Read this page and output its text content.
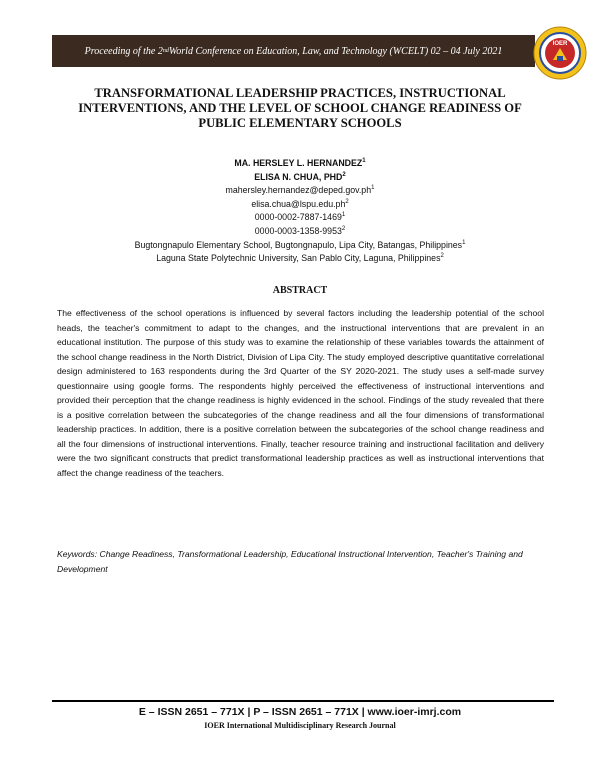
Proceeding of the 2 nd World Conference on Education, Law, and Technology (WCELT) 02 – 04 July 2021
IOER
TRANSFORMATIONAL LEADERSHIP PRACTICES, INSTRUCTIONAL
INTERVENTIONS, AND THE LEVEL OF SCHOOL CHANGE READINESS OF
PUBLIC ELEMENTARY SCHOOLS
MA. HERSLEY L. HERNANDEZ$^1$
ELISA N. CHUA, PHD$^2$
$mahersley.hernandez@deped.gov.ph^1$
$elisa.chua@lspu.edu.ph^2$
0000-0002-7887-1469$^1$
0000-0003-1358-9953$^2$
Bugtongnapulo Elementary School, Bugtongnapulo, Lipa City, Batangas, Philippines$^1$
Laguna State Polytechnic University, San Pablo City, Laguna, Philippines$^2$
ABSTRACT

The effectiveness of the school operations is influenced by several factors including the leadership potential of the school heads, the teacher's commitment to adapt to the changes, and the instructional interventions that are prevalent in an educational institution. The purpose of this study was to examine the relationship of these variables towards the attainment of the school change readiness in the North District, Division of Lipa City. The study employed descriptive quantitative correlational design administered to 163 respondents during the 3rd Quarter of the SY 2020-2021. The study uses a self-made survey questionnaire using google forms. The respondents highly perceived the effectiveness of instructional interventions and provided their perception that the change readiness is highly evidenced in the school. Findings of the study revealed that there is a positive correlation between the subcategories of the change readiness and all the four dimensions of transformational leadership practices. In addition, there is a positive correlation between the subcategories of the school change readiness and all the four dimensions of instructional interventions. Finally, teacher resource training and instructional facilitation and delivery were the two significant constructs that predict transformational leadership practices as well as instructional interventions that affect the change readiness of the teachers.

Keywords: Change Readiness, Transformational Leadership, Educational Instructional Intervention, Teacher's Training and Development

E – ISSN 2651 – 771X | P – ISSN 2651 – 771X | www.ioer-imrj.com
IOER International Multidisciplinary Research Journal
